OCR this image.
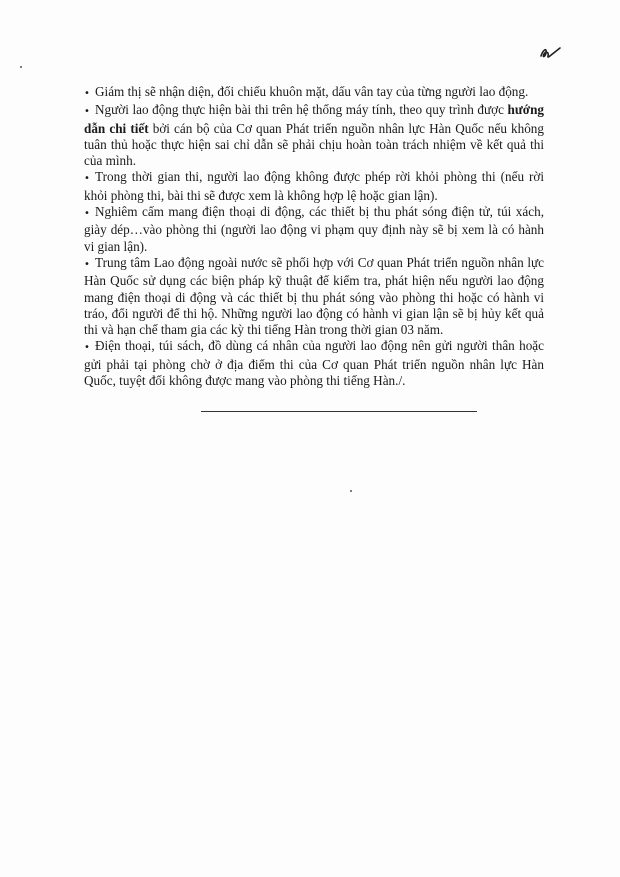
• Giám thị sẽ nhận diện, đối chiếu khuôn mặt, dấu vân tay của từng người lao động.

• Người lao động thực hiện bài thi trên hệ thống máy tính, theo quy trình được hướng dẫn chi tiết bởi cán bộ của Cơ quan Phát triển nguồn nhân lực Hàn Quốc nếu không tuân thủ hoặc thực hiện sai chỉ dẫn sẽ phải chịu hoàn toàn trách nhiệm về kết quả thi của mình.

• Trong thời gian thi, người lao động không được phép rời khỏi phòng thi (nếu rời khỏi phòng thi, bài thi sẽ được xem là không hợp lệ hoặc gian lận).

• Nghiêm cấm mang điện thoại di động, các thiết bị thu phát sóng điện tử, túi xách, giày dép…vào phòng thi (người lao động vi phạm quy định này sẽ bị xem là có hành vi gian lận).

• Trung tâm Lao động ngoài nước sẽ phối hợp với Cơ quan Phát triển nguồn nhân lực Hàn Quốc sử dụng các biện pháp kỹ thuật để kiểm tra, phát hiện nếu người lao động mang điện thoại di động và các thiết bị thu phát sóng vào phòng thi hoặc có hành vi tráo, đổi người để thi hộ. Những người lao động có hành vi gian lận sẽ bị hủy kết quả thi và hạn chế tham gia các kỳ thi tiếng Hàn trong thời gian 03 năm.

• Điện thoại, túi sách, đồ dùng cá nhân của người lao động nên gửi người thân hoặc gửi phải tại phòng chờ ở địa điểm thi của Cơ quan Phát triển nguồn nhân lực Hàn Quốc, tuyệt đối không được mang vào phòng thi tiếng Hàn./.
